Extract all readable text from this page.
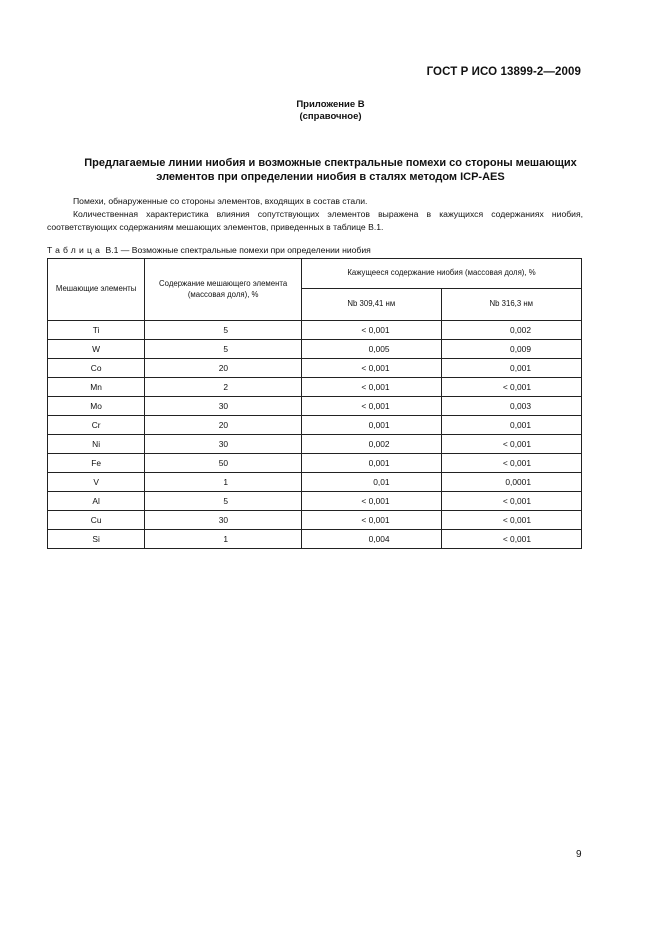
ГОСТ Р ИСО 13899-2—2009
Приложение В
(справочное)
Предлагаемые линии ниобия и возможные спектральные помехи со стороны мешающих
элементов при определении ниобия в сталях методом ICP-AES
Помехи, обнаруженные со стороны элементов, входящих в состав стали.
Количественная характеристика влияния сопутствующих элементов выражена в кажущихся содержаниях ниобия, соответствующих содержаниям мешающих элементов, приведенных в таблице В.1.
Таблица В.1 — Возможные спектральные помехи при определении ниобия
Мешающие элементы	Содержание мешающего элемента (массовая доля), %	Кажущееся содержание ниобия (массовая доля), %	
		Nb 309,41 нм	Nb 316,3 нм
Ti	5	< 0,001	0,002
W	5	0,005	0,009
Co	20	< 0,001	0,001
Mn	2	< 0,001	< 0,001
Mo	30	< 0,001	0,003
Cr	20	0,001	0,001
Ni	30	0,002	< 0,001
Fe	50	0,001	< 0,001
V	1	0,01	0,0001
Al	5	< 0,001	< 0,001
Cu	30	< 0,001	< 0,001
Si	1	0,004	< 0,001
9
